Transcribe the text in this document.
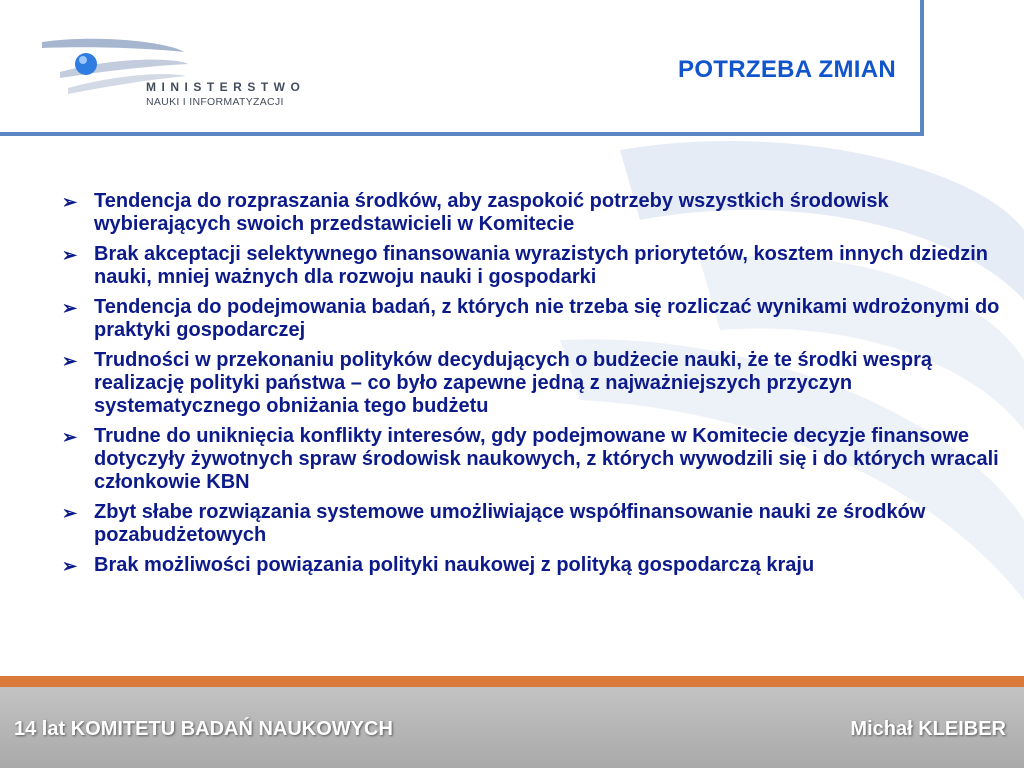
MINISTERSTWO
NAUKI I INFORMATYZACJI
POTRZEBA ZMIAN
➢ Tendencja do rozpraszania środków, aby zaspokoić potrzeby wszystkich środowisk wybierających swoich przedstawicieli w Komitecie
➢ Brak akceptacji selektywnego finansowania wyrazistych priorytetów, kosztem innych dziedzin nauki, mniej ważnych dla rozwoju nauki i gospodarki
➢ Tendencja do podejmowania badań, z których nie trzeba się rozliczać wynikami wdrożonymi do praktyki gospodarczej
➢ Trudności w przekonaniu polityków decydujących o budżecie nauki, że te środki wesprą realizację polityki państwa – co było zapewne jedną z najważniejszych przyczyn systematycznego obniżania tego budżetu
➢ Trudne do uniknięcia konflikty interesów, gdy podejmowane w Komitecie decyzje finansowe dotyczyły żywotnych spraw środowisk naukowych, z których wywodzili się i do których wracali członkowie KBN
➢ Zbyt słabe rozwiązania systemowe umożliwiające współfinansowanie nauki ze środków pozabudżetowych
➢ Brak możliwości powiązania polityki naukowej z polityką gospodarczą kraju
14 lat KOMITETU BADAŃ NAUKOWYCH	Michał KLEIBER
